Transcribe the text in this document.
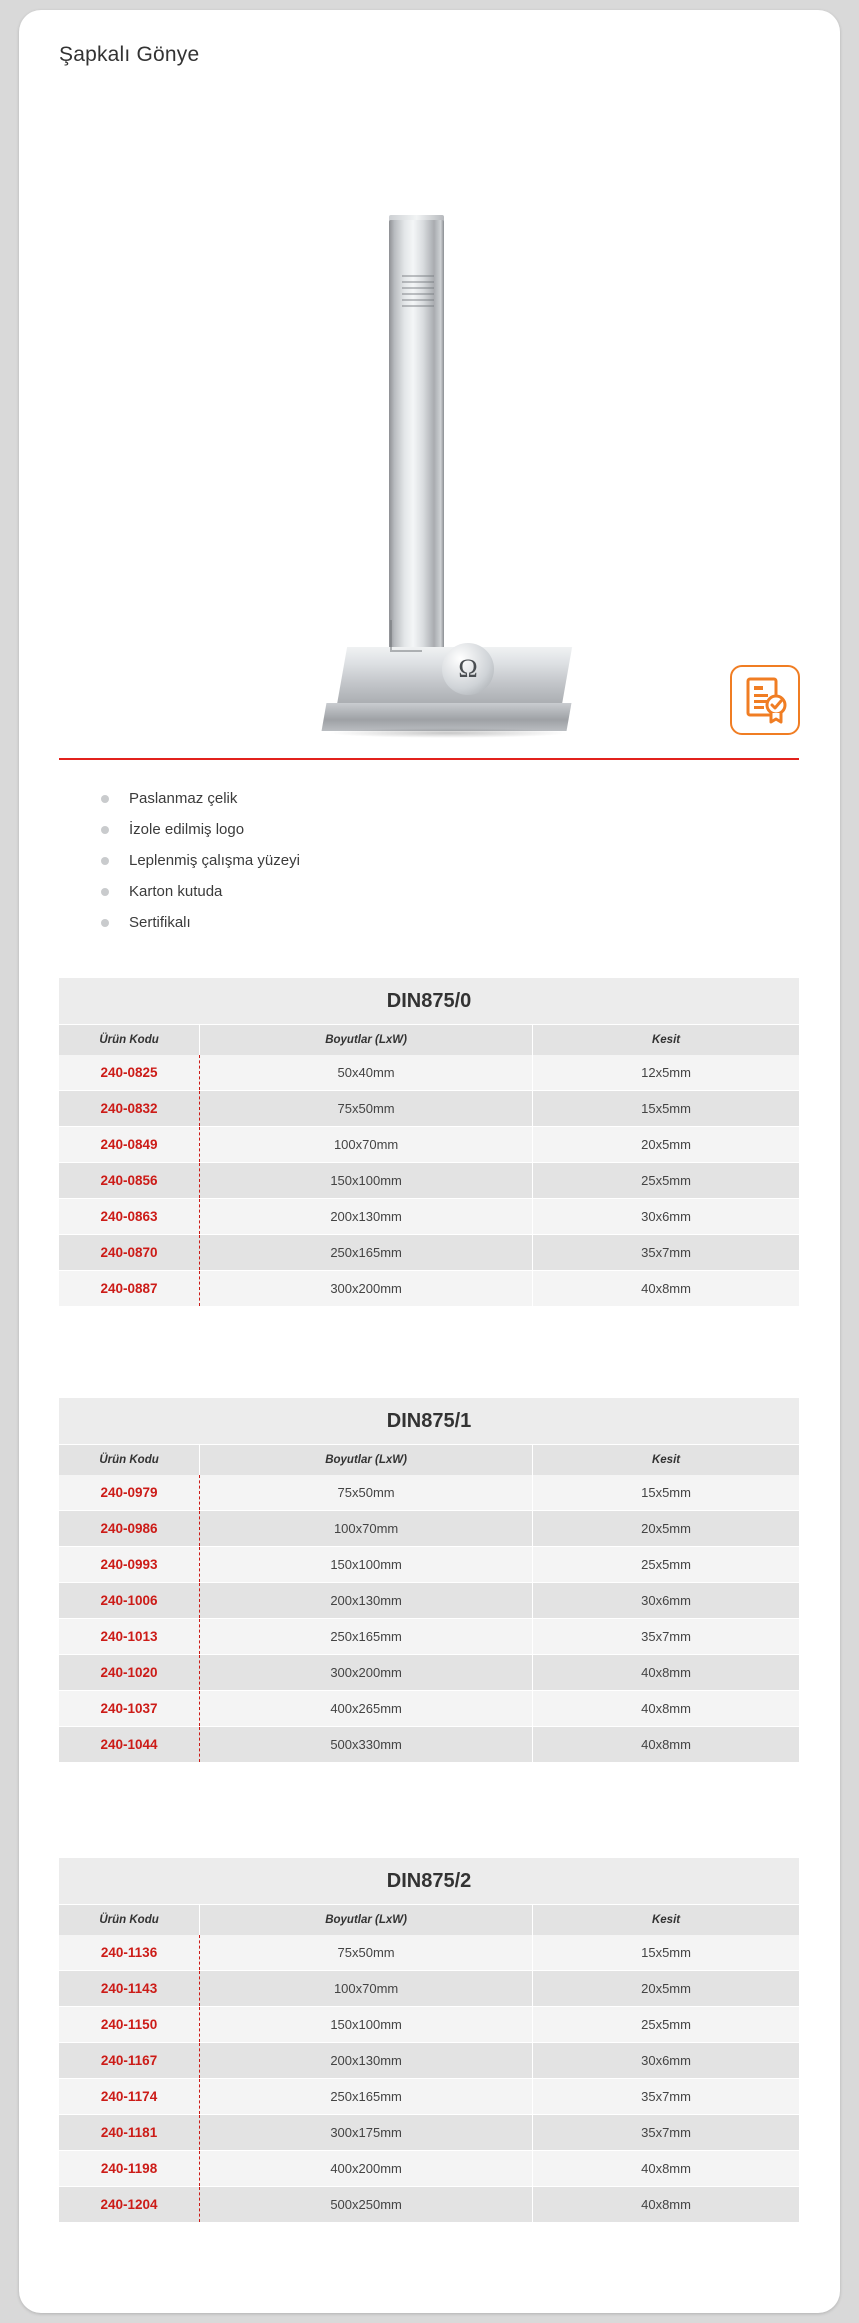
Şapkalı Gönye
Ω
Paslanmaz çelik
İzole edilmiş logo
Leplenmiş çalışma yüzeyi
Karton kutuda
Sertifikalı
DIN875/0
Ürün Kodu	Boyutlar (LxW)	Kesit
240-0825	50x40mm	12x5mm
240-0832	75x50mm	15x5mm
240-0849	100x70mm	20x5mm
240-0856	150x100mm	25x5mm
240-0863	200x130mm	30x6mm
240-0870	250x165mm	35x7mm
240-0887	300x200mm	40x8mm
DIN875/1
Ürün Kodu	Boyutlar (LxW)	Kesit
240-0979	75x50mm	15x5mm
240-0986	100x70mm	20x5mm
240-0993	150x100mm	25x5mm
240-1006	200x130mm	30x6mm
240-1013	250x165mm	35x7mm
240-1020	300x200mm	40x8mm
240-1037	400x265mm	40x8mm
240-1044	500x330mm	40x8mm
DIN875/2
Ürün Kodu	Boyutlar (LxW)	Kesit
240-1136	75x50mm	15x5mm
240-1143	100x70mm	20x5mm
240-1150	150x100mm	25x5mm
240-1167	200x130mm	30x6mm
240-1174	250x165mm	35x7mm
240-1181	300x175mm	35x7mm
240-1198	400x200mm	40x8mm
240-1204	500x250mm	40x8mm
